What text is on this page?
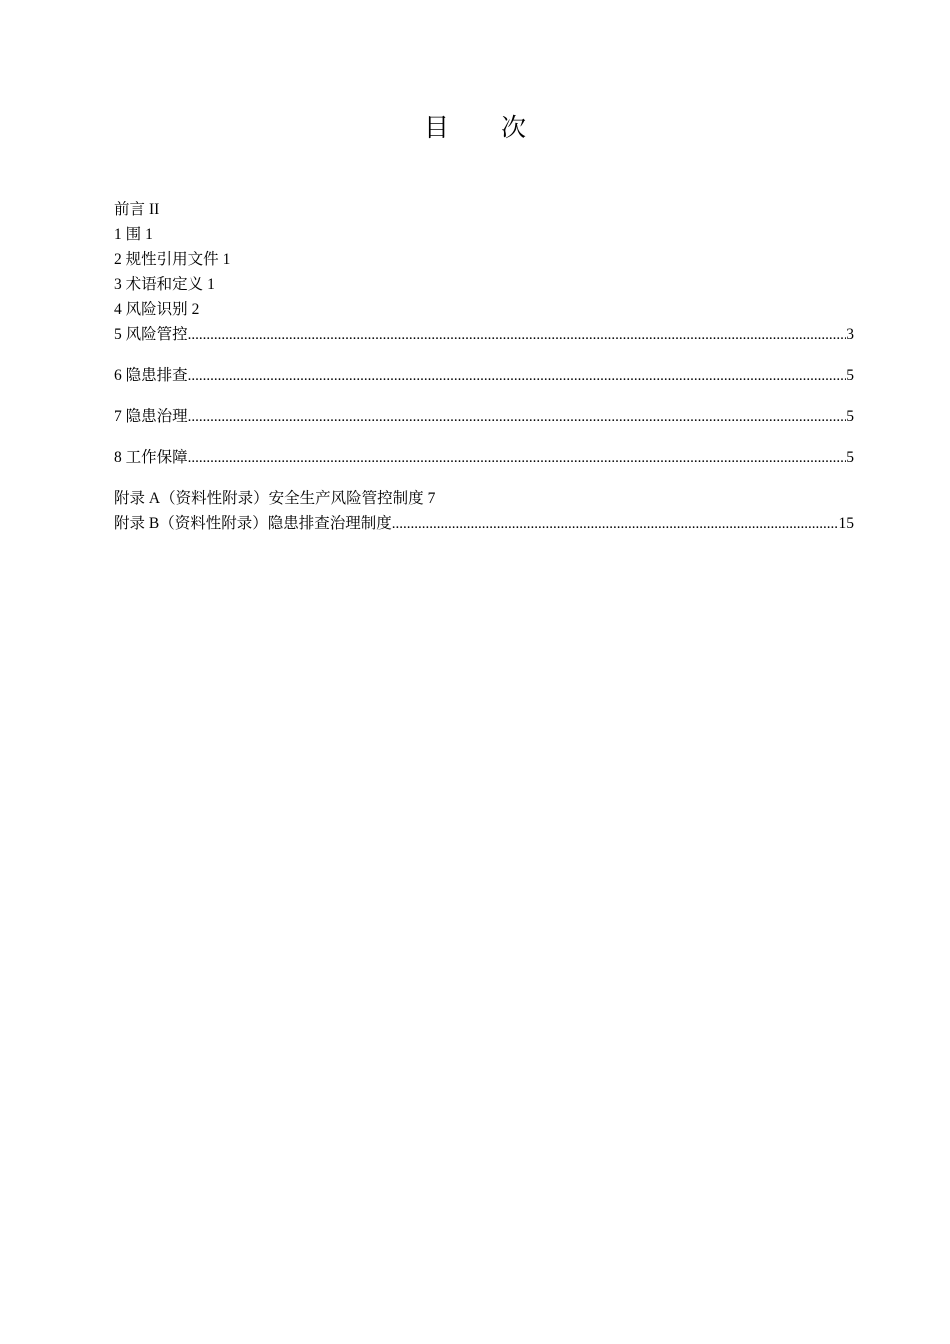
目 次
前言 II
1 围 1
2 规性引用文件 1
3 术语和定义 1
4 风险识别 2
5 风险管控 .....	3
6 隐患排查 .....	5
7 隐患治理 .....	5
8 工作保障 .....	5
附录 A（资料性附录）安全生产风险管控制度 7
附录 B（资料性附录）隐患排查治理制度 .....	15
